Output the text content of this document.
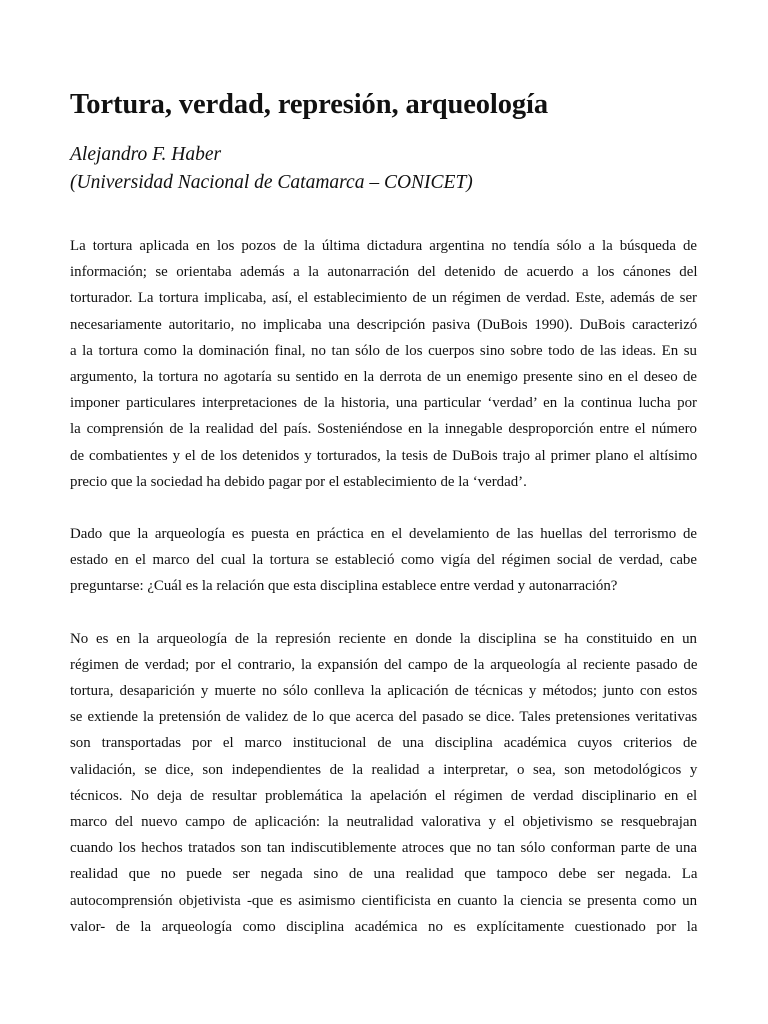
Tortura, verdad, represión, arqueología
Alejandro F. Haber
(Universidad Nacional de Catamarca – CONICET)
La tortura aplicada en los pozos de la última dictadura argentina no tendía sólo a la búsqueda de
información; se orientaba además a la autonarración del detenido de acuerdo a los cánones del
torturador. La tortura implicaba, así, el establecimiento de un régimen de verdad. Este, además de ser
necesariamente autoritario, no implicaba una descripción pasiva (DuBois 1990). DuBois caracterizó
a la tortura como la dominación final, no tan sólo de los cuerpos sino sobre todo de las ideas. En su
argumento, la tortura no agotaría su sentido en la derrota de un enemigo presente sino en el deseo de
imponer particulares interpretaciones de la historia, una particular ‘verdad’ en la continua lucha por
la comprensión de la realidad del país. Sosteniéndose en la innegable desproporción entre el número
de combatientes y el de los detenidos y torturados, la tesis de DuBois trajo al primer plano el altísimo
precio que la sociedad ha debido pagar por el establecimiento de la ‘verdad’.
Dado que la arqueología es puesta en práctica en el develamiento de las huellas del terrorismo de
estado en el marco del cual la tortura se estableció como vigía del régimen social de verdad, cabe
preguntarse: ¿Cuál es la relación que esta disciplina establece entre verdad y autonarración?
No es en la arqueología de la represión reciente en donde la disciplina se ha constituido en un
régimen de verdad; por el contrario, la expansión del campo de la arqueología al reciente pasado de
tortura, desaparición y muerte no sólo conlleva la aplicación de técnicas y métodos; junto con estos
se extiende la pretensión de validez de lo que acerca del pasado se dice. Tales pretensiones veritativas
son transportadas por el marco institucional de una disciplina académica cuyos criterios de
validación, se dice, son independientes de la realidad a interpretar, o sea, son metodológicos y
técnicos. No deja de resultar problemática la apelación el régimen de verdad disciplinario en el
marco del nuevo campo de aplicación: la neutralidad valorativa y el objetivismo se resquebrajan
cuando los hechos tratados son tan indiscutiblemente atroces que no tan sólo conforman parte de una
realidad que no puede ser negada sino de una realidad que tampoco debe ser negada. La
autocomprensión objetivista -que es asimismo cientificista en cuanto la ciencia se presenta como un
valor- de la arqueología como disciplina académica no es explícitamente cuestionado por la
